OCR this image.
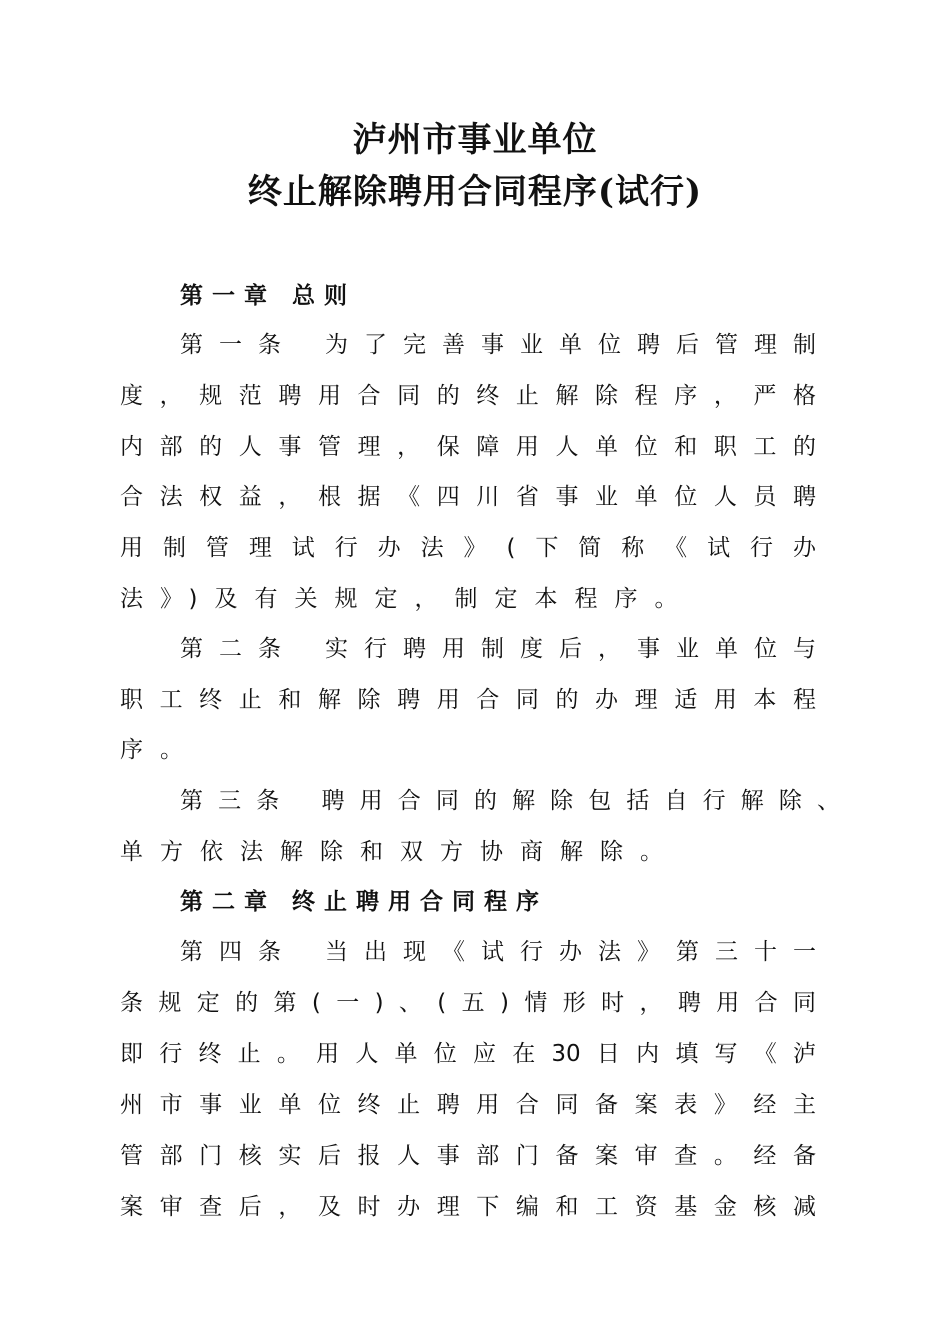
泸州市事业单位
终止解除聘用合同程序(试行)
第一章 总则
第一条 为了完善事业单位聘后管理制
度，规范聘用合同的终止解除程序，严格
内部的人事管理，保障用人单位和职工的
合法权益，根据《四川省事业单位人员聘
用制管理试行办法》(下简称《试行办
法》)及有关规定，制定本程序。
第二条 实行聘用制度后，事业单位与
职工终止和解除聘用合同的办理适用本程
序。
第三条 聘用合同的解除包括自行解除、
单方依法解除和双方协商解除。
第二章 终止聘用合同程序
第四条 当出现《试行办法》第三十一
条规定的第(一)、(五)情形时，聘用合同
即行终止。用人单位应在30日内填写《泸
州市事业单位终止聘用合同备案表》经主
管部门核实后报人事部门备案审查。经备
案审查后，及时办理下编和工资基金核减
